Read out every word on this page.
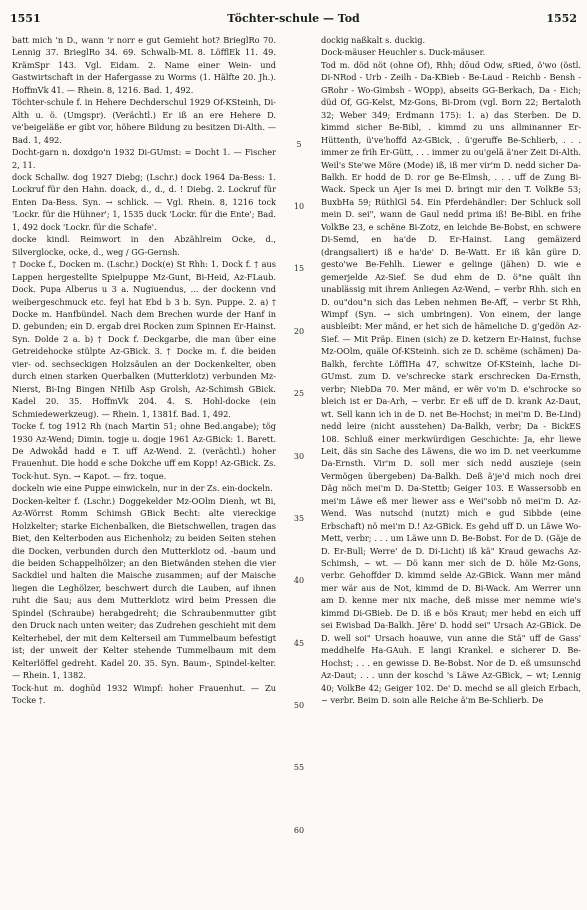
1551	Töchter-schule — Tod	1552

batt mich 'n D., wann 'r norr e gut Gemieht hot? BrieglRo 70. Lennig 37. BrieglRo 34. 69. Schwalb-ML 8. LöfflEk 11. 49. KrämSpr 143. Vgl. Eidam. 2. Name einer Wein- und Gastwirtschaft in der Hafergasse zu Worms (1. Hälfte 20. Jh.). HoffmVk 41. — Rhein. 8, 1216. Bad. 1, 492.

Töchter-schule f. in Hehere Dechderschul 1929 Of-KSteinh, Di-Alth u. ö. (Umgspr). (Verächtl.) Er iß an ere Hehere D. ve'beigeläße er gibt vor, höhere Bildung zu besitzen Di-Alth. — Bad. 1, 492.

Docht-garn n. doxdgo'n 1932 Di-GUmst: = Docht 1. — Fischer 2, 11.

dock Schallw. dog 1927 Diebg; (Lschr.) dock 1964 Da-Bess: 1. Lockruf für den Hahn. doack, d., d., d. ! Diebg. 2. Lockruf für Enten Da-Bess. Syn. → schlick. — Vgl. Rhein. 8, 1216 tock 'Lockr. für die Hühner'; 1, 1535 duck 'Lockr. für die Ente'; Bad. 1, 492 dock 'Lockr. für die Schafe'.

docke kindl. Reimwort in den Abzählreim Ocke, d., Silverglocke, ocke, d., weg / GG-Gernsh.

† Docke f., Docken m. (Lschr.) Dock(e) St Rhh: 1. Dock f. † aus Lappen hergestellte Spielpuppe Mz-Gunt, Bi-Heid, Az-FLaub. Dock. Pupa Alberus u 3 a. Nugiuendus, ... der dockenn vnd weibergeschmuck etc. feyl hat Ebd b 3 b. Syn. Puppe. 2. a) † Docke m. Hanfbündel. Nach dem Brechen wurde der Hanf in D. gebunden; ein D. ergab drei Rocken zum Spinnen Er-Hainst. Syn. Dolde 2 a. b) † Dock f. Deckgarbe, die man über eine Getreidehocke stülpte Az-GBick. 3. † Docke m. f. die beiden vier- od. sechseckigen Holzsäulen an der Dockenkelter, oben durch einen starken Querbalken (Mutterklotz) verbunden Mz-Nierst, Bi-Ing Bingen NHilb Asp Grolsh, Az-Schimsh GBick. Kadel 20. 35. HoffmVk 204. 4. S. Hohl-docke (ein Schmiedewerkzeug). — Rhein. 1, 1381f. Bad. 1, 492.

Tocke f. tog 1912 Rh (nach Martin 51; ohne Bed.angabe); tög 1930 Az-Wend; Dimin. togje u. dogje 1961 Az-GBick: 1. Barett. De Adwokåd hadd e T. uff Az-Wend. 2. (verächtl.) hoher Frauenhut. Die hodd e sche Dokche uff em Kopp! Az-GBick. Zs. Tock-hut. Syn. → Kapot. — frz. toque.

dockeln wie eine Puppe einwickeln, nur in der Zs. ein-dockeln.

Docken-kelter f. (Lschr.) Doggekelder Mz-OOlm Dienh, wt Bi, Az-Wörrst Romm Schimsh GBick Becht: alte viereckige Holzkelter; starke Eichenbalken, die Bietschwellen, tragen das Biet, den Kelterboden aus Eichenholz; zu beiden Seiten stehen die Docken, verbunden durch den Mutterklotz od. -baum und die beiden Schappelhölzer; an den Bietwänden stehen die vier Sackdiel und halten die Maische zusammen; auf der Maische liegen die Leghölzer, beschwert durch die Lauben, auf ihnen ruht die Sau; aus dem Mutterklotz wird beim Pressen die Spindel (Schraube) herabgedreht; die Schraubenmutter gibt den Druck nach unten weiter; das Zudrehen geschieht mit dem Kelterhebel, der mit dem Kelterseil am Tummelbaum befestigt ist; der unweit der Kelter stehende Tummelbaum mit dem Kelterlöffel gedreht. Kadel 20. 35. Syn. Baum-, Spindel-kelter. — Rhein. 1, 1382.

Tock-hut m. doghūd 1932 Wimpf: hoher Frauenhut. — Zu Tocke †.

5
10
15
20
25
30
35
40
45
50
55
60

dockig naßkalt s. duckig.

Dock-mäuser Heuchler s. Duck-mäuser.

Tod m. död nöt (ohne Of), Rhh; dōud Odw, sRied, ö'wo (östl. Di-NRod - Urb - Zeilh - Da-KBieb - Be-Laud - Reichb - Bensh - GRohr - Wo-Gimbsh - WOpp), abseits GG-Berkach, Da - Eich; düd Of, GG-Kelst, Mz-Gons, Bi-Drom (vgl. Born 22; Bertaloth 32; Weber 349; Erdmann 175): 1. a) das Sterben. De D. kimmd sicher Be-Bibl, . kimmd zu uns allminanner Er-Hüttenth, ü've'hoffd Az-GBick, . ü'geruffe Be-Schlierb, . . . immer ze frih Er-Gütt, . . . immer zu ou'gelä ä'ner Zeit Di-Alth. Weil's Ste'we Möre (Mode) iß, iß mer vir'm D. nedd sicher Da-Balkh. Er hodd de D. ror ge Be-Elmsh, . . . uff de Zung Bi-Wack. Speck un Ajer Is mei D. bringt mir den T. VolkBe 53; BuxbHa 59; RüthlGl 54. Ein Pferdehändler: Der Schluck soll mein D. sei", wann de Gaul nedd prima iß! Be-Bibl. en frihe VolkBe 23, e schëne Bi-Zotz, en leichde Be-Bobst, en schwere Di-Semd, en ha'de D. Er-Hainst. Lang gemäizerd (drangsaliert) iß e ha'de' D. Be-Watt. Er iß kän güre D. gesto'we Be-Fehlh. Liewer e gelinge (jähen) D. wie e gemerjelde Az-Sief. Se dud ehm de D. ö°ne quält ihn unablässig mit ihrem Anliegen Az-Wend, ~ verbr Rhh. sich en D. ou"dou"n sich das Leben nehmen Be-Aff, ~ verbr St Rhh, Wimpf (Syn. → sich umbringen). Von einem, der lange ausbleibt: Mer mänd, er het sich de hämeliche D. g'gedön Az-Sief. — Mit Präp. Einen (sich) ze D. ketzern Er-Hainst, fuchse Mz-OOlm, quäle Of-KSteinh. sich ze D. schëme (schämen) Da-Balkh, ferchte LöffIHa 47, schwitze Of-KSteinh, lache Di-GUmst. zum D. ve'schrecke stark erschrecken Da-Ernsth, verbr; NiebDa 70. Mer mänd, er wër vo'm D. e'schrocke so bleich ist er Da-Arh, ~ verbr. Er eß uff de D. krank Az-Daut, wt. Sell kann ich in de D. net Be-Hochst; in mei'm D. Be-Lind) nedd leire (nicht ausstehen) Da-Balkh, verbr; Da - BickES 108. Schluß einer merkwürdigen Geschichte: Ja, ehr liewe Leit, däs sin Sache des Läwens, die wo im D. net veerkumme Da-Ernsth. Vir'm D. soll mer sich nedd auszieje (sein Vermögen übergeben) Da-Balkh. Deß ä'je'd mich noch drei Däg nöch mei'm D. Da-Stettb; Geiger 103. E Wassersobb en mei'm Läwe eß mer liewer ass e Wei"sobb nö mei'm D. Az-Wend. Was nutschd (nutzt) mich e gud Sibbde (eine Erbschaft) nö mei'm D.! Az-GBick. Es gehd uff D. un Läwe Wo-Mett, verbr; . . . um Läwe unn D. Be-Bobst. For de D. (Gäje de D. Er-Bull; Werre' de D. Di-Licht) iß kä" Kraud gewachs Az-Schimsh, ~ wt. — Dö kann mer sich de D. höle Mz-Gons, verbr. Gehoffder D. kimmd selde Az-GBick. Wann mer mänd mer wär aus de Not, kimmd de D. Bi-Wack. Am Werrer unn am D. kenne mer nix mache, deß misse mer nemme wie's kimmd Di-GBieb. De D. iß e bös Kraut; mer hebd en eich uff sei Ewisbad Da-Balkh. Jëre' D. hodd sei" Ursach Az-GBick. De D. well soi" Ursach hoauwe, vun anne die Stä" uff de Gass' meddhelfe Ha-GAuh. E langi Krankel. e sicherer D. Be-Hochst; . . . en gewisse D. Be-Bobst. Nor de D. eß umsunschd Az-Daut; . . . unn der koschd 's Läwe Az-GBick, ~ wt; Lennig 40; VolkBe 42; Geiger 102. De' D. mechd se all gleich Erbach, ~ verbr. Beim D. soin alle Reiche ä'm Be-Schlierb. De
